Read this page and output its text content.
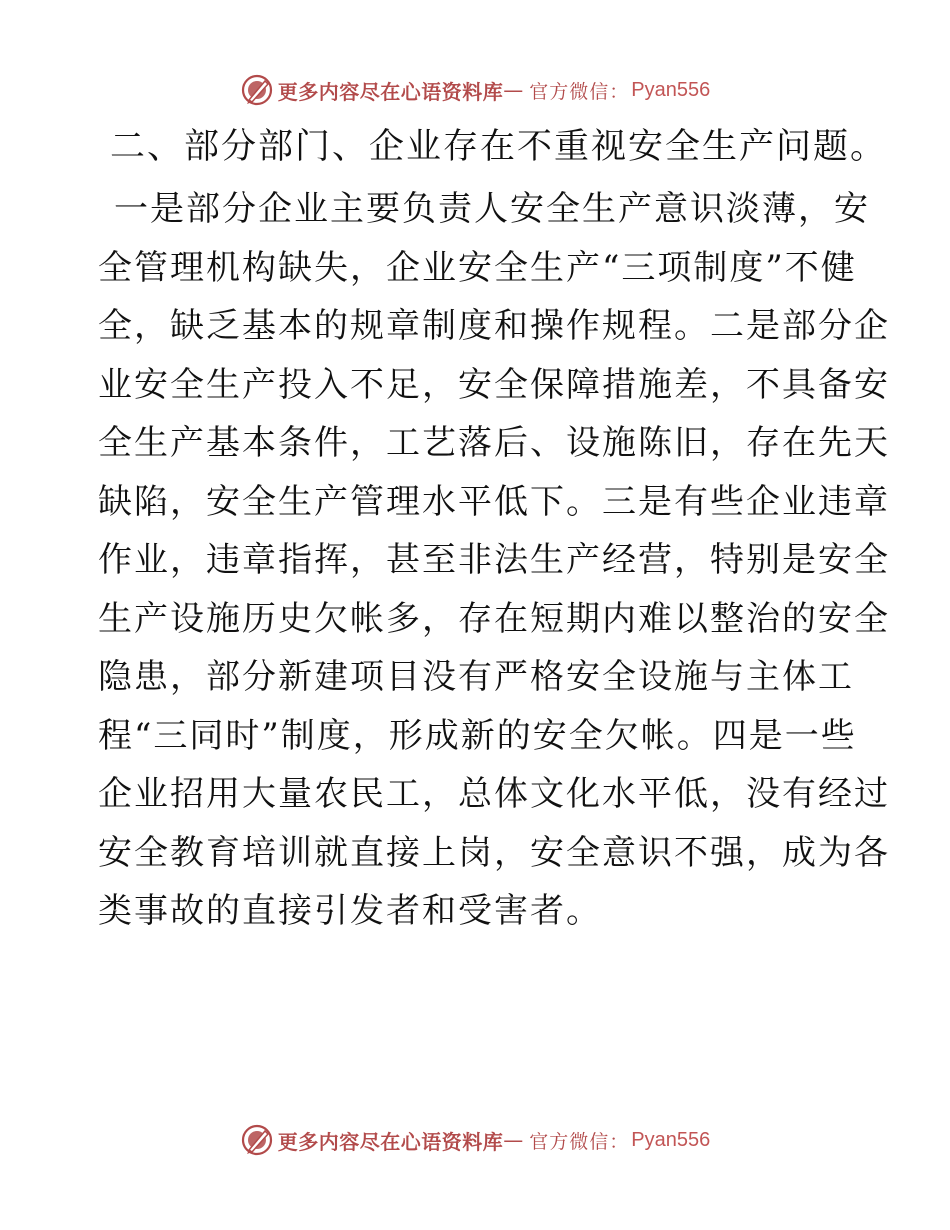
更多内容尽在心语资料库 — 官方微信： Pyan556
二、部分部门、企业存在不重视安全生产问题。

一是部分企业主要负责人安全生产意识淡薄，安
全管理机构缺失，企业安全生产“三项制度”不健
全，缺乏基本的规章制度和操作规程。二是部分企
业安全生产投入不足，安全保障措施差，不具备安
全生产基本条件，工艺落后、设施陈旧，存在先天
缺陷，安全生产管理水平低下。三是有些企业违章
作业，违章指挥，甚至非法生产经营，特别是安全
生产设施历史欠帐多，存在短期内难以整治的安全
隐患，部分新建项目没有严格安全设施与主体工
程“三同时”制度，形成新的安全欠帐。四是一些
企业招用大量农民工，总体文化水平低，没有经过
安全教育培训就直接上岗，安全意识不强，成为各
类事故的直接引发者和受害者。

更多内容尽在心语资料库 — 官方微信： Pyan556
